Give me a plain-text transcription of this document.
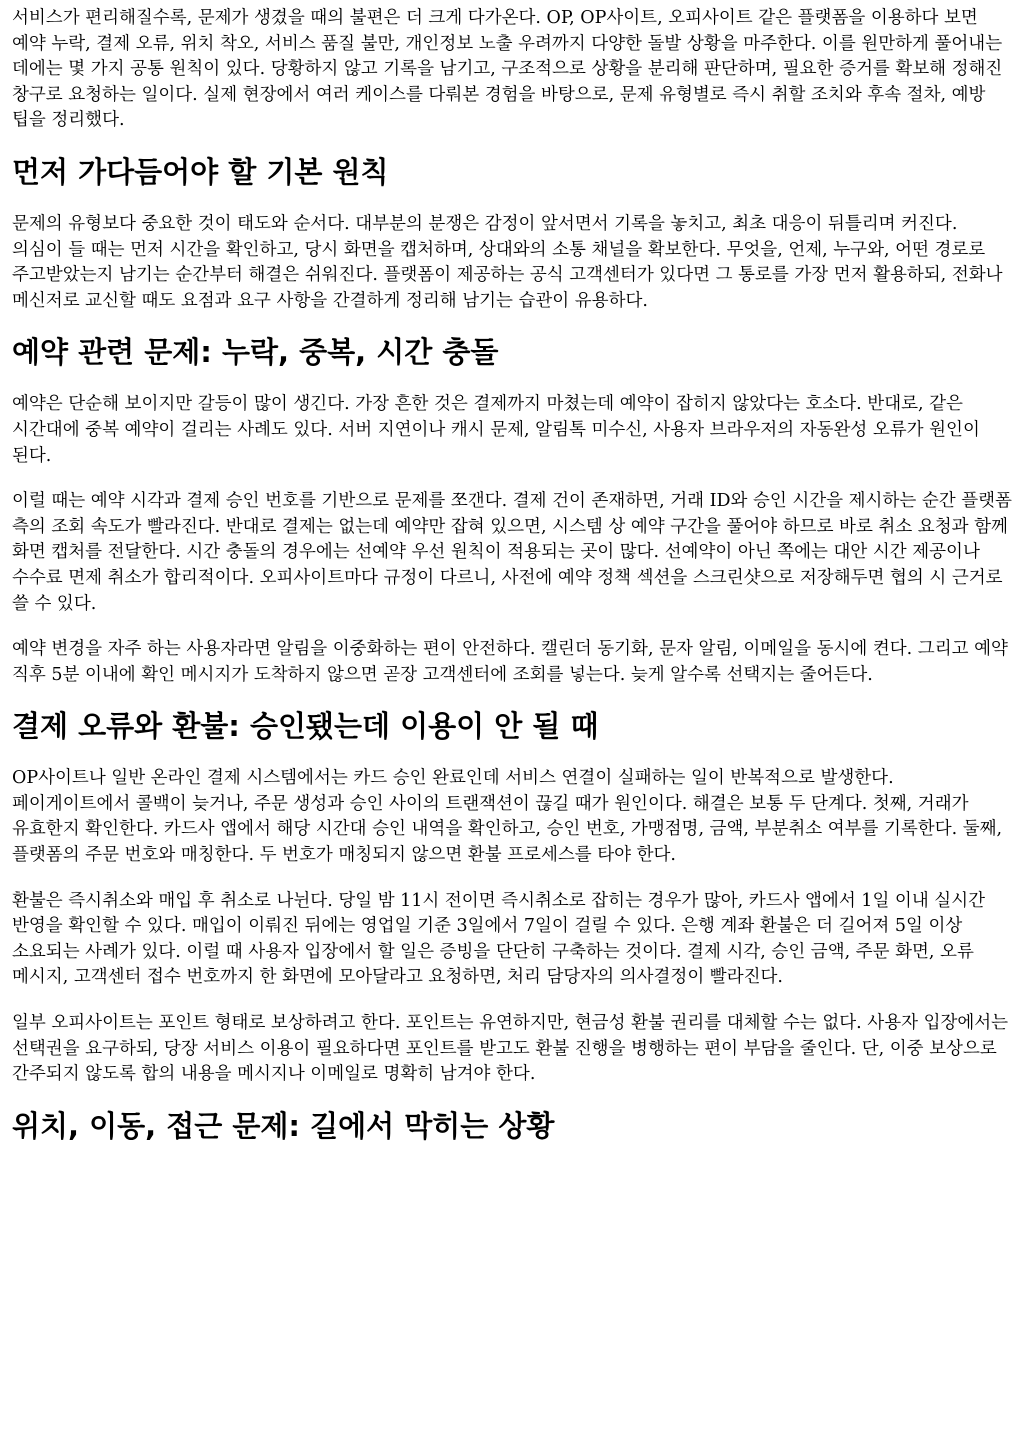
서비스가 편리해질수록, 문제가 생겼을 때의 불편은 더 크게 다가온다. OP, OP사이트, 오피사이트 같은 플랫폼을 이용하다 보면 예약 누락, 결제 오류, 위치 착오, 서비스 품질 불만, 개인정보 노출 우려까지 다양한 돌발 상황을 마주한다. 이를 원만하게 풀어내는 데에는 몇 가지 공통 원칙이 있다. 당황하지 않고 기록을 남기고, 구조적으로 상황을 분리해 판단하며, 필요한 증거를 확보해 정해진 창구로 요청하는 일이다. 실제 현장에서 여러 케이스를 다뤄본 경험을 바탕으로, 문제 유형별로 즉시 취할 조치와 후속 절차, 예방 팁을 정리했다.

먼저 가다듬어야 할 기본 원칙

문제의 유형보다 중요한 것이 태도와 순서다. 대부분의 분쟁은 감정이 앞서면서 기록을 놓치고, 최초 대응이 뒤틀리며 커진다. 의심이 들 때는 먼저 시간을 확인하고, 당시 화면을 캡처하며, 상대와의 소통 채널을 확보한다. 무엇을, 언제, 누구와, 어떤 경로로 주고받았는지 남기는 순간부터 해결은 쉬워진다. 플랫폼이 제공하는 공식 고객센터가 있다면 그 통로를 가장 먼저 활용하되, 전화나 메신저로 교신할 때도 요점과 요구 사항을 간결하게 정리해 남기는 습관이 유용하다.

예약 관련 문제: 누락, 중복, 시간 충돌

예약은 단순해 보이지만 갈등이 많이 생긴다. 가장 흔한 것은 결제까지 마쳤는데 예약이 잡히지 않았다는 호소다. 반대로, 같은 시간대에 중복 예약이 걸리는 사례도 있다. 서버 지연이나 캐시 문제, 알림톡 미수신, 사용자 브라우저의 자동완성 오류가 원인이 된다.

이럴 때는 예약 시각과 결제 승인 번호를 기반으로 문제를 쪼갠다. 결제 건이 존재하면, 거래 ID와 승인 시간을 제시하는 순간 플랫폼 측의 조회 속도가 빨라진다. 반대로 결제는 없는데 예약만 잡혀 있으면, 시스템 상 예약 구간을 풀어야 하므로 바로 취소 요청과 함께 화면 캡처를 전달한다. 시간 충돌의 경우에는 선예약 우선 원칙이 적용되는 곳이 많다. 선예약이 아닌 쪽에는 대안 시간 제공이나 수수료 면제 취소가 합리적이다. 오피사이트마다 규정이 다르니, 사전에 예약 정책 섹션을 스크린샷으로 저장해두면 협의 시 근거로 쓸 수 있다.

예약 변경을 자주 하는 사용자라면 알림을 이중화하는 편이 안전하다. 캘린더 동기화, 문자 알림, 이메일을 동시에 켠다. 그리고 예약 직후 5분 이내에 확인 메시지가 도착하지 않으면 곧장 고객센터에 조회를 넣는다. 늦게 알수록 선택지는 줄어든다.

결제 오류와 환불: 승인됐는데 이용이 안 될 때

OP사이트나 일반 온라인 결제 시스템에서는 카드 승인 완료인데 서비스 연결이 실패하는 일이 반복적으로 발생한다. 페이게이트에서 콜백이 늦거나, 주문 생성과 승인 사이의 트랜잭션이 끊길 때가 원인이다. 해결은 보통 두 단계다. 첫째, 거래가 유효한지 확인한다. 카드사 앱에서 해당 시간대 승인 내역을 확인하고, 승인 번호, 가맹점명, 금액, 부분취소 여부를 기록한다. 둘째, 플랫폼의 주문 번호와 매칭한다. 두 번호가 매칭되지 않으면 환불 프로세스를 타야 한다.

환불은 즉시취소와 매입 후 취소로 나뉜다. 당일 밤 11시 전이면 즉시취소로 잡히는 경우가 많아, 카드사 앱에서 1일 이내 실시간 반영을 확인할 수 있다. 매입이 이뤄진 뒤에는 영업일 기준 3일에서 7일이 걸릴 수 있다. 은행 계좌 환불은 더 길어져 5일 이상 소요되는 사례가 있다. 이럴 때 사용자 입장에서 할 일은 증빙을 단단히 구축하는 것이다. 결제 시각, 승인 금액, 주문 화면, 오류 메시지, 고객센터 접수 번호까지 한 화면에 모아달라고 요청하면, 처리 담당자의 의사결정이 빨라진다.

일부 오피사이트는 포인트 형태로 보상하려고 한다. 포인트는 유연하지만, 현금성 환불 권리를 대체할 수는 없다. 사용자 입장에서는 선택권을 요구하되, 당장 서비스 이용이 필요하다면 포인트를 받고도 환불 진행을 병행하는 편이 부담을 줄인다. 단, 이중 보상으로 간주되지 않도록 합의 내용을 메시지나 이메일로 명확히 남겨야 한다.

위치, 이동, 접근 문제: 길에서 막히는 상황
